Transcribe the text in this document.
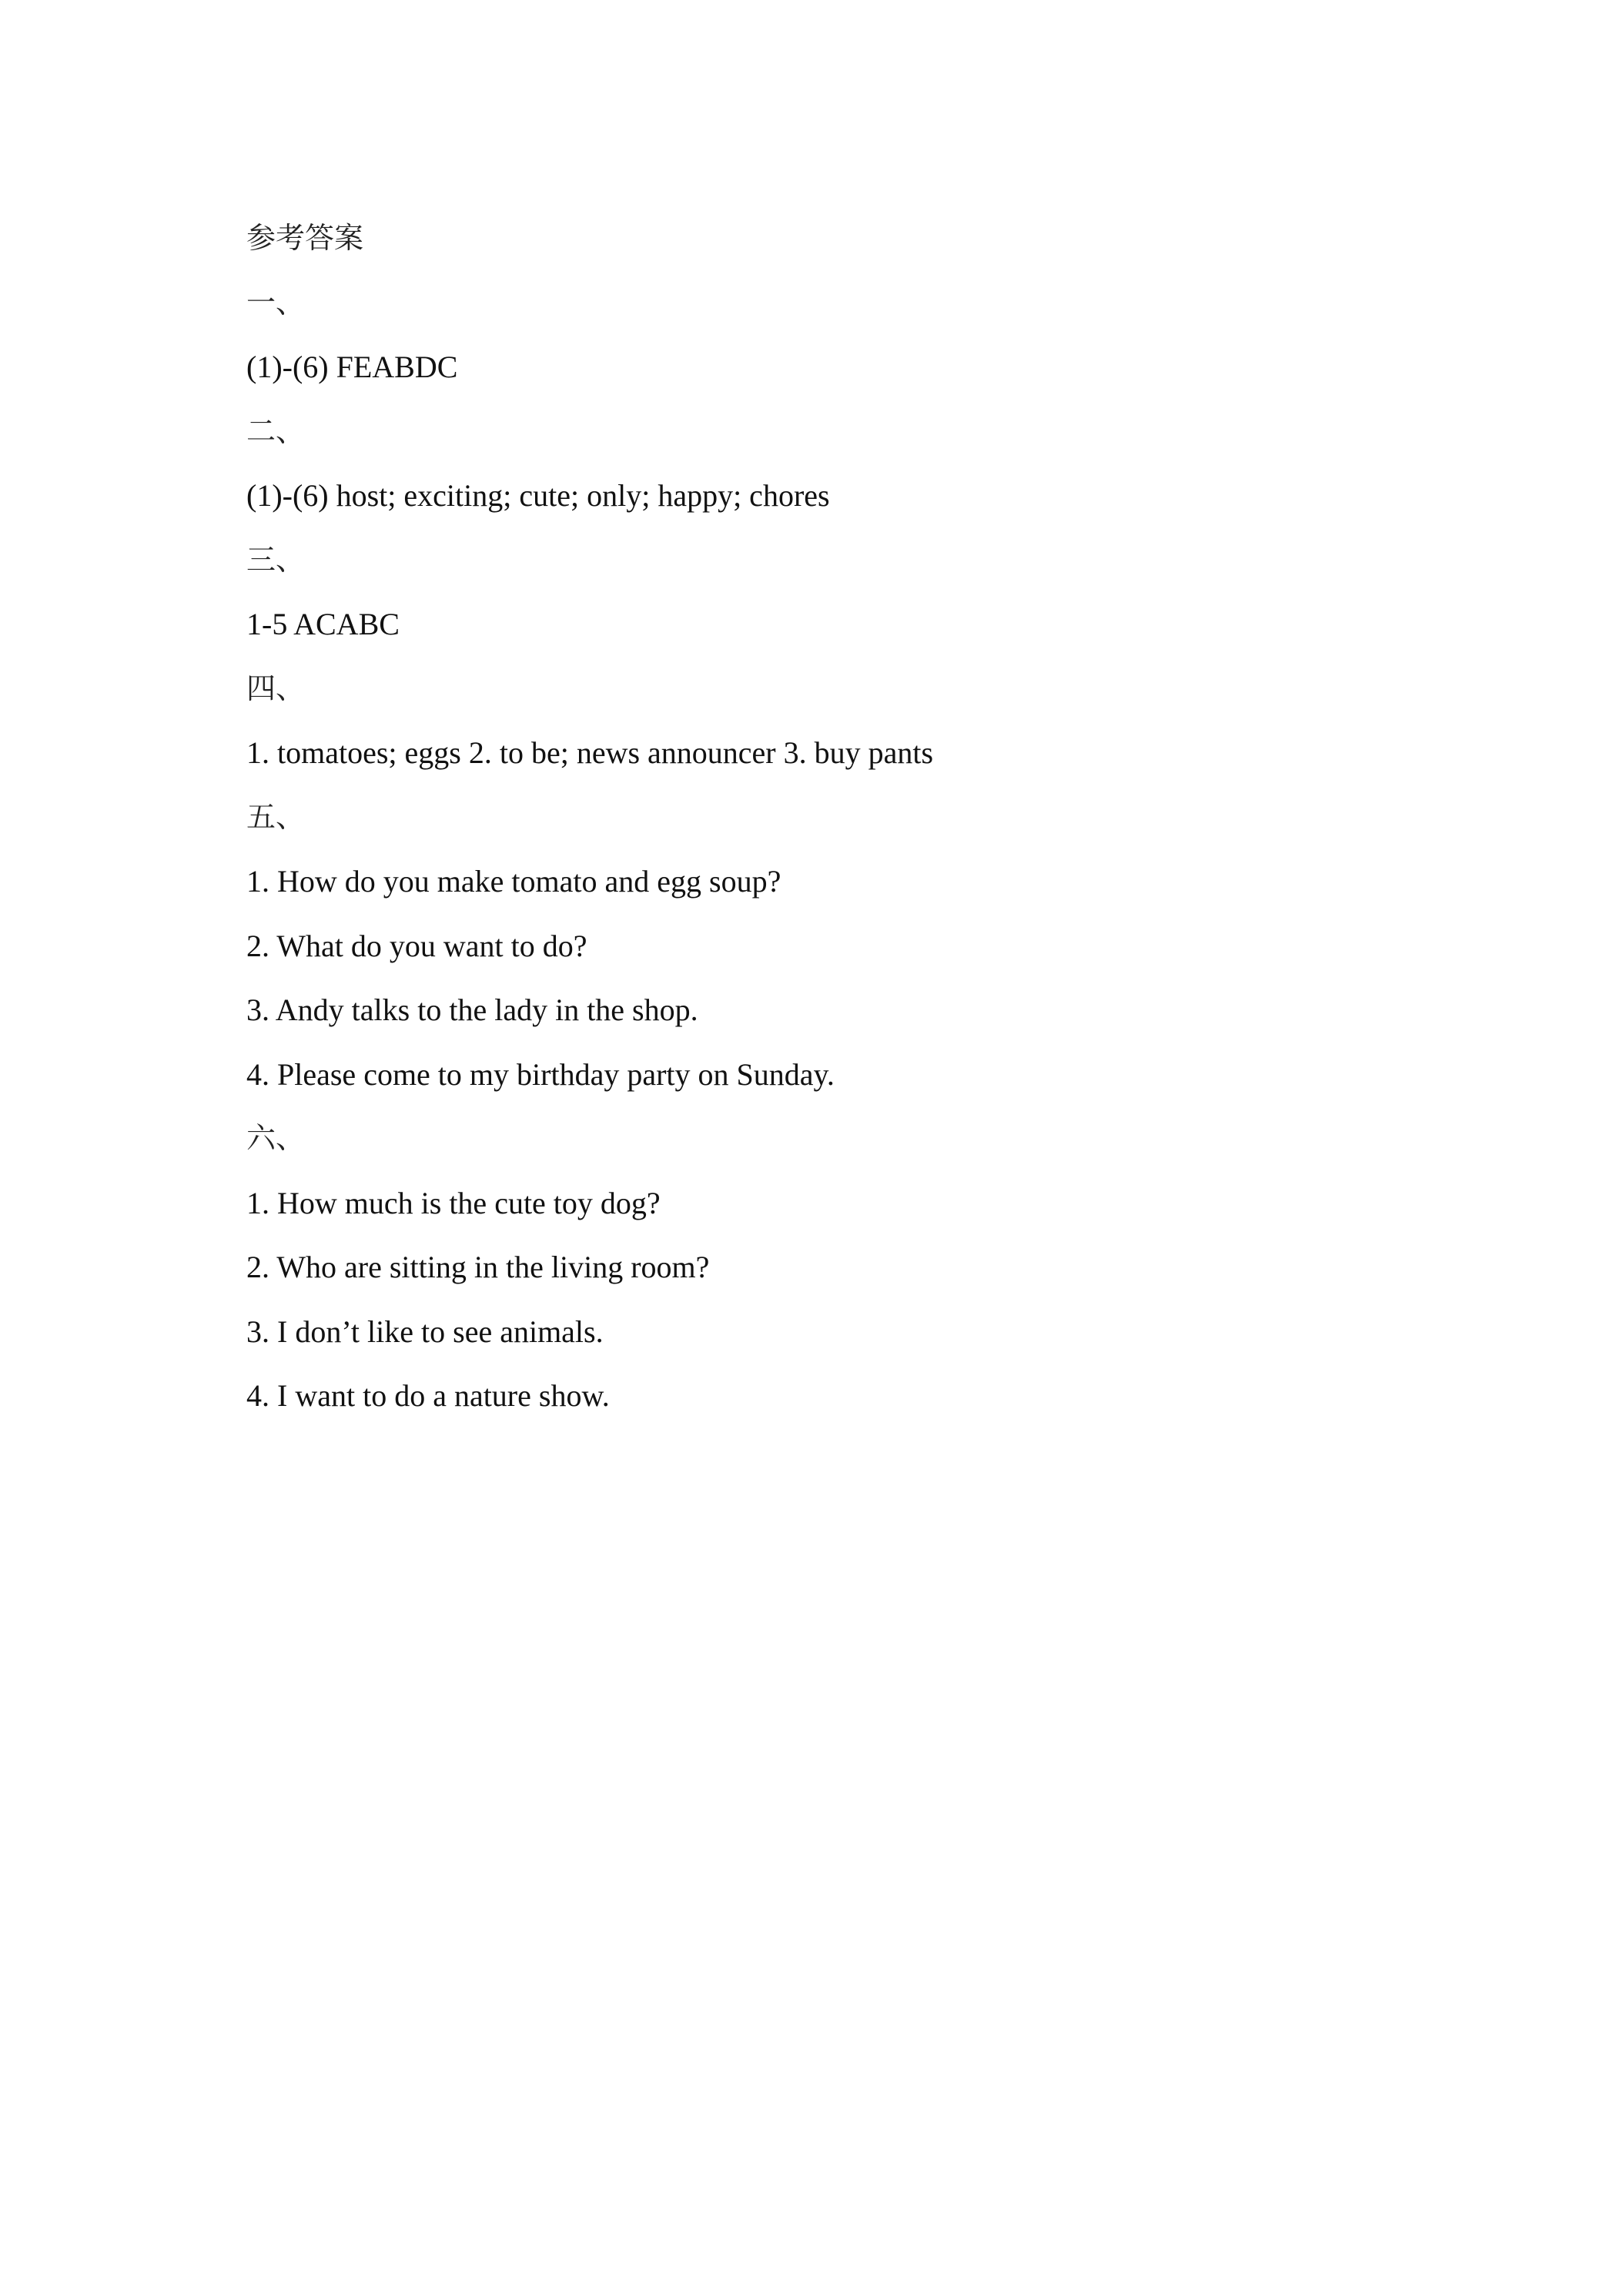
参考答案
一、
(1)-(6) FEABDC
二、
(1)-(6) host; exciting; cute; only; happy; chores
三、
1-5 ACABC
四、
1. tomatoes; eggs 2. to be; news announcer 3. buy pants
五、
1. How do you make tomato and egg soup?
2. What do you want to do?
3. Andy talks to the lady in the shop.
4. Please come to my birthday party on Sunday.
六、
1. How much is the cute toy dog?
2. Who are sitting in the living room?
3. I don’t like to see animals.
4. I want to do a nature show.
